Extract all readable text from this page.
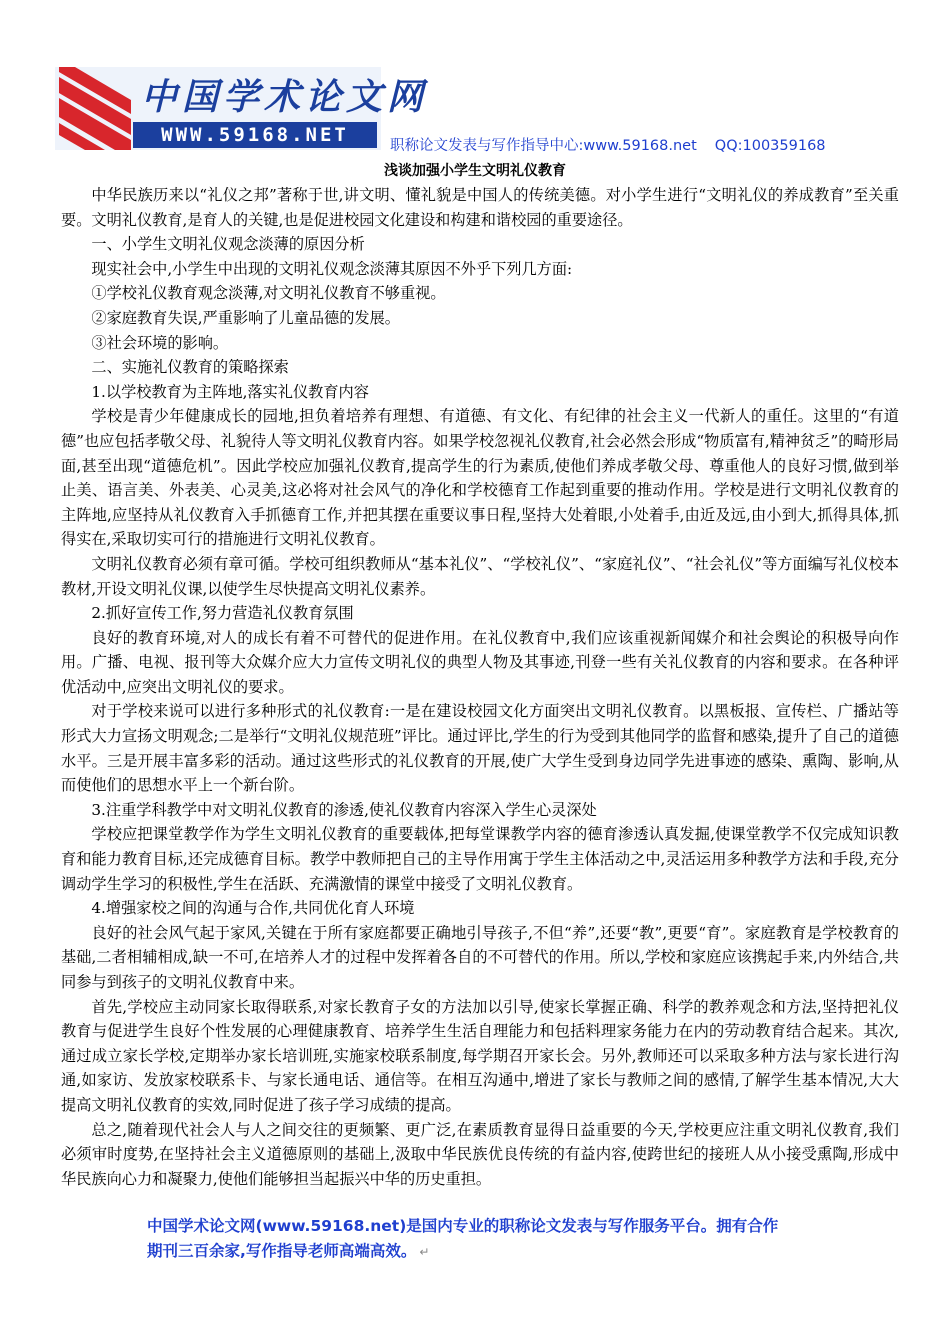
中国学术论文网
WWW.59168.NET	职称论文发表与写作指导中心:www.59168.net QQ:100359168
浅谈加强小学生文明礼仪教育

中华民族历来以“礼仪之邦”著称于世,讲文明、懂礼貌是中国人的传统美德。对小学生进行“文明礼仪的养成教育”至关重要。文明礼仪教育,是育人的关键,也是促进校园文化建设和构建和谐校园的重要途径。

一、小学生文明礼仪观念淡薄的原因分析

现实社会中,小学生中出现的文明礼仪观念淡薄其原因不外乎下列几方面:

①学校礼仪教育观念淡薄,对文明礼仪教育不够重视。

②家庭教育失误,严重影响了儿童品德的发展。

③社会环境的影响。

二、实施礼仪教育的策略探索

1.以学校教育为主阵地,落实礼仪教育内容

学校是青少年健康成长的园地,担负着培养有理想、有道德、有文化、有纪律的社会主义一代新人的重任。这里的“有道德”也应包括孝敬父母、礼貌待人等文明礼仪教育内容。如果学校忽视礼仪教育,社会必然会形成“物质富有,精神贫乏”的畸形局面,甚至出现“道德危机”。因此学校应加强礼仪教育,提高学生的行为素质,使他们养成孝敬父母、尊重他人的良好习惯,做到举止美、语言美、外表美、心灵美,这必将对社会风气的净化和学校德育工作起到重要的推动作用。学校是进行文明礼仪教育的主阵地,应坚持从礼仪教育入手抓德育工作,并把其摆在重要议事日程,坚持大处着眼,小处着手,由近及远,由小到大,抓得具体,抓得实在,采取切实可行的措施进行文明礼仪教育。

文明礼仪教育必须有章可循。学校可组织教师从“基本礼仪”、“学校礼仪”、“家庭礼仪”、“社会礼仪”等方面编写礼仪校本教材,开设文明礼仪课,以使学生尽快提高文明礼仪素养。

2.抓好宣传工作,努力营造礼仪教育氛围

良好的教育环境,对人的成长有着不可替代的促进作用。在礼仪教育中,我们应该重视新闻媒介和社会舆论的积极导向作用。广播、电视、报刊等大众媒介应大力宣传文明礼仪的典型人物及其事迹,刊登一些有关礼仪教育的内容和要求。在各种评优活动中,应突出文明礼仪的要求。

对于学校来说可以进行多种形式的礼仪教育:一是在建设校园文化方面突出文明礼仪教育。以黑板报、宣传栏、广播站等形式大力宣扬文明观念;二是举行“文明礼仪规范班”评比。通过评比,学生的行为受到其他同学的监督和感染,提升了自己的道德水平。三是开展丰富多彩的活动。通过这些形式的礼仪教育的开展,使广大学生受到身边同学先进事迹的感染、熏陶、影响,从而使他们的思想水平上一个新台阶。

3.注重学科教学中对文明礼仪教育的渗透,使礼仪教育内容深入学生心灵深处

学校应把课堂教学作为学生文明礼仪教育的重要载体,把每堂课教学内容的德育渗透认真发掘,使课堂教学不仅完成知识教育和能力教育目标,还完成德育目标。教学中教师把自己的主导作用寓于学生主体活动之中,灵活运用多种教学方法和手段,充分调动学生学习的积极性,学生在活跃、充满激情的课堂中接受了文明礼仪教育。

4.增强家校之间的沟通与合作,共同优化育人环境

良好的社会风气起于家风,关键在于所有家庭都要正确地引导孩子,不但“养”,还要“教”,更要“育”。家庭教育是学校教育的基础,二者相辅相成,缺一不可,在培养人才的过程中发挥着各自的不可替代的作用。所以,学校和家庭应该携起手来,内外结合,共同参与到孩子的文明礼仪教育中来。

首先,学校应主动同家长取得联系,对家长教育子女的方法加以引导,使家长掌握正确、科学的教养观念和方法,坚持把礼仪教育与促进学生良好个性发展的心理健康教育、培养学生生活自理能力和包括料理家务能力在内的劳动教育结合起来。其次,通过成立家长学校,定期举办家长培训班,实施家校联系制度,每学期召开家长会。另外,教师还可以采取多种方法与家长进行沟通,如家访、发放家校联系卡、与家长通电话、通信等。在相互沟通中,增进了家长与教师之间的感情,了解学生基本情况,大大提高文明礼仪教育的实效,同时促进了孩子学习成绩的提高。

总之,随着现代社会人与人之间交往的更频繁、更广泛,在素质教育显得日益重要的今天,学校更应注重文明礼仪教育,我们必须审时度势,在坚持社会主义道德原则的基础上,汲取中华民族优良传统的有益内容,使跨世纪的接班人从小接受熏陶,形成中华民族向心力和凝聚力,使他们能够担当起振兴中华的历史重担。

中国学术论文网(www.59168.net)是国内专业的职称论文发表与写作服务平台。拥有合作
期刊三百余家,写作指导老师高端高效。 ↵
